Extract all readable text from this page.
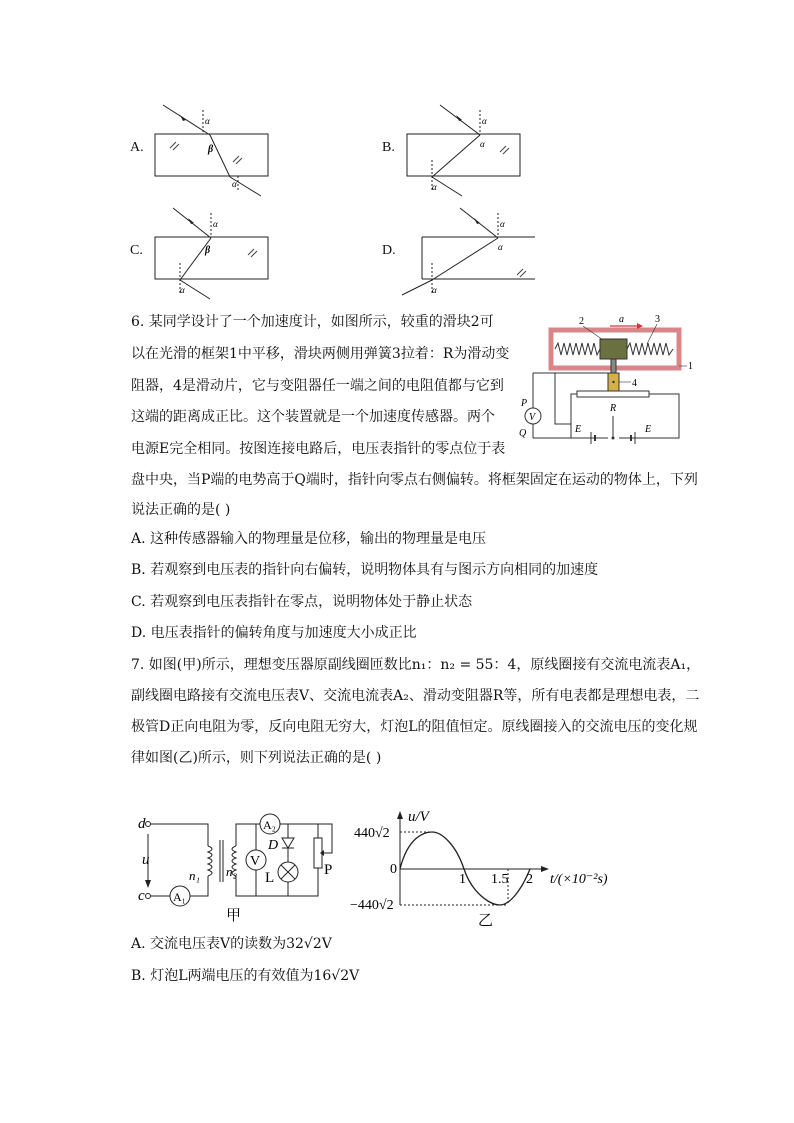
A.
α
β
α
B.
α
α
α
C.
α
β
α
D.
α
α
α
6. 某同学设计了一个加速度计，如图所示，较重的滑块2可
以在光滑的框架1中平移，滑块两侧用弹簧3拉着：R为滑动变
阻器，4是滑动片，它与变阻器任一端之间的电阻值都与它到
这端的距离成正比。这个装置就是一个加速度传感器。两个
电源E完全相同。按图连接电路后，电压表指针的零点位于表
盘中央，当P端的电势高于Q端时，指针向零点右侧偏转。将框架固定在运动的物体上，下列
说法正确的是( )
V
P
Q
2	3
1
4
a
R
E	E
A. 这种传感器输入的物理量是位移，输出的物理量是电压
B. 若观察到电压表的指针向右偏转，说明物体具有与图示方向相同的加速度
C. 若观察到电压表指针在零点，说明物体处于静止状态
D. 电压表指针的偏转角度与加速度大小成正比
7. 如图(甲)所示，理想变压器原副线圈匝数比n₁：n₂ = 55：4，原线圈接有交流电流表A₁，
副线圈电路接有交流电压表V、交流电流表A₂、滑动变阻器R等，所有电表都是理想电表，二
极管D正向电阻为零，反向电阻无穷大，灯泡L的阻值恒定。原线圈接入的交流电压的变化规
律如图(乙)所示，则下列说法正确的是( )
d
c
u
n₁ n₂
A₁
A₂
V
D
L	P
甲
u/V
440√2
−440√2
0
1 1.5 2 t/(×10⁻²s)
乙
A. 交流电压表V的读数为32√2V
B. 灯泡L两端电压的有效值为16√2V
